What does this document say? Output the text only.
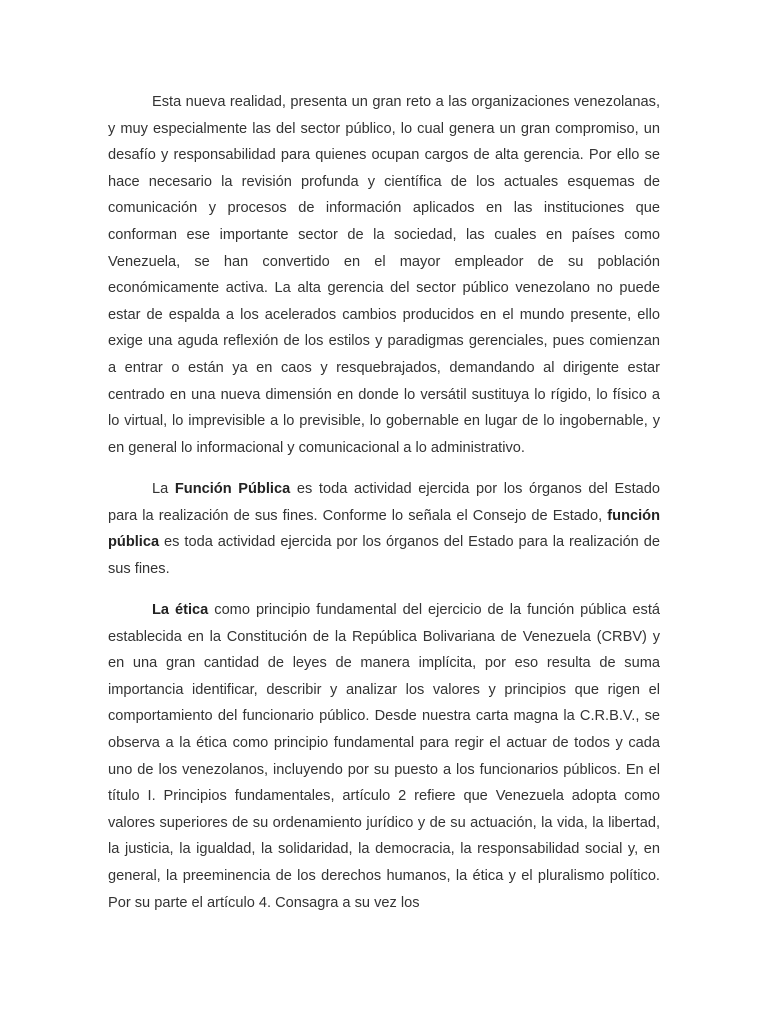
Esta nueva realidad, presenta un gran reto a las organizaciones venezolanas, y muy especialmente las del sector público, lo cual genera un gran compromiso, un desafío y responsabilidad para quienes ocupan cargos de alta gerencia. Por ello se hace necesario la revisión profunda y científica de los actuales esquemas de comunicación y procesos de información aplicados en las instituciones que conforman ese importante sector de la sociedad, las cuales en países como Venezuela, se han convertido en el mayor empleador de su población económicamente activa. La alta gerencia del sector público venezolano no puede estar de espalda a los acelerados cambios producidos en el mundo presente, ello exige una aguda reflexión de los estilos y paradigmas gerenciales, pues comienzan a entrar o están ya en caos y resquebrajados, demandando al dirigente estar centrado en una nueva dimensión en donde lo versátil sustituya lo rígido, lo físico a lo virtual, lo imprevisible a lo previsible, lo gobernable en lugar de lo ingobernable, y en general lo informacional y comunicacional a lo administrativo.

La Función Pública es toda actividad ejercida por los órganos del Estado para la realización de sus fines. Conforme lo señala el Consejo de Estado, función pública es toda actividad ejercida por los órganos del Estado para la realización de sus fines.

La ética como principio fundamental del ejercicio de la función pública está establecida en la Constitución de la República Bolivariana de Venezuela (CRBV) y en una gran cantidad de leyes de manera implícita, por eso resulta de suma importancia identificar, describir y analizar los valores y principios que rigen el comportamiento del funcionario público. Desde nuestra carta magna la C.R.B.V., se observa a la ética como principio fundamental para regir el actuar de todos y cada uno de los venezolanos, incluyendo por su puesto a los funcionarios públicos. En el título I. Principios fundamentales, artículo 2 refiere que Venezuela adopta como valores superiores de su ordenamiento jurídico y de su actuación, la vida, la libertad, la justicia, la igualdad, la solidaridad, la democracia, la responsabilidad social y, en general, la preeminencia de los derechos humanos, la ética y el pluralismo político. Por su parte el artículo 4. Consagra a su vez los
